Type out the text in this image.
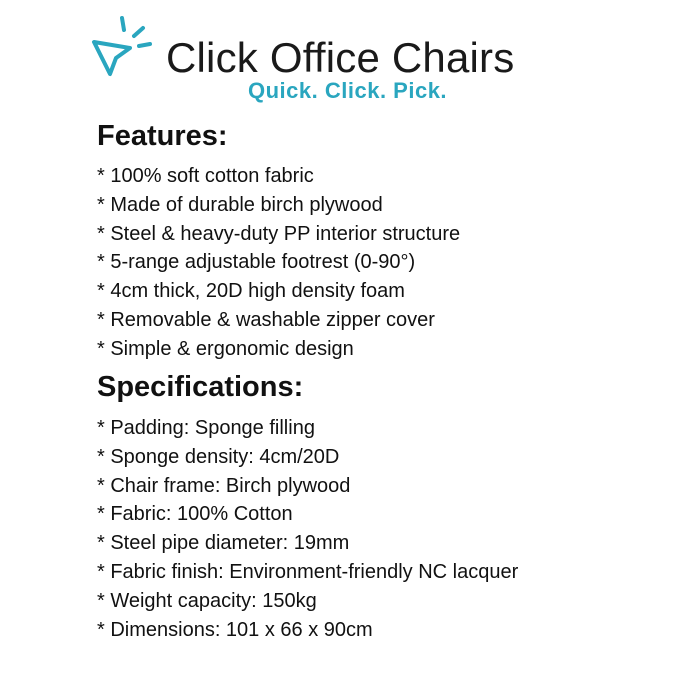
Click Office Chairs
Quick. Click. Pick.
Features:
* 100% soft cotton fabric
* Made of durable birch plywood
* Steel & heavy-duty PP interior structure
* 5-range adjustable footrest (0-90°)
* 4cm thick, 20D high density foam
* Removable & washable zipper cover
* Simple & ergonomic design
Specifications:
* Padding: Sponge filling
* Sponge density: 4cm/20D
* Chair frame: Birch plywood
* Fabric: 100% Cotton
* Steel pipe diameter: 19mm
* Fabric finish: Environment-friendly NC lacquer
* Weight capacity: 150kg
* Dimensions: 101 x 66 x 90cm
